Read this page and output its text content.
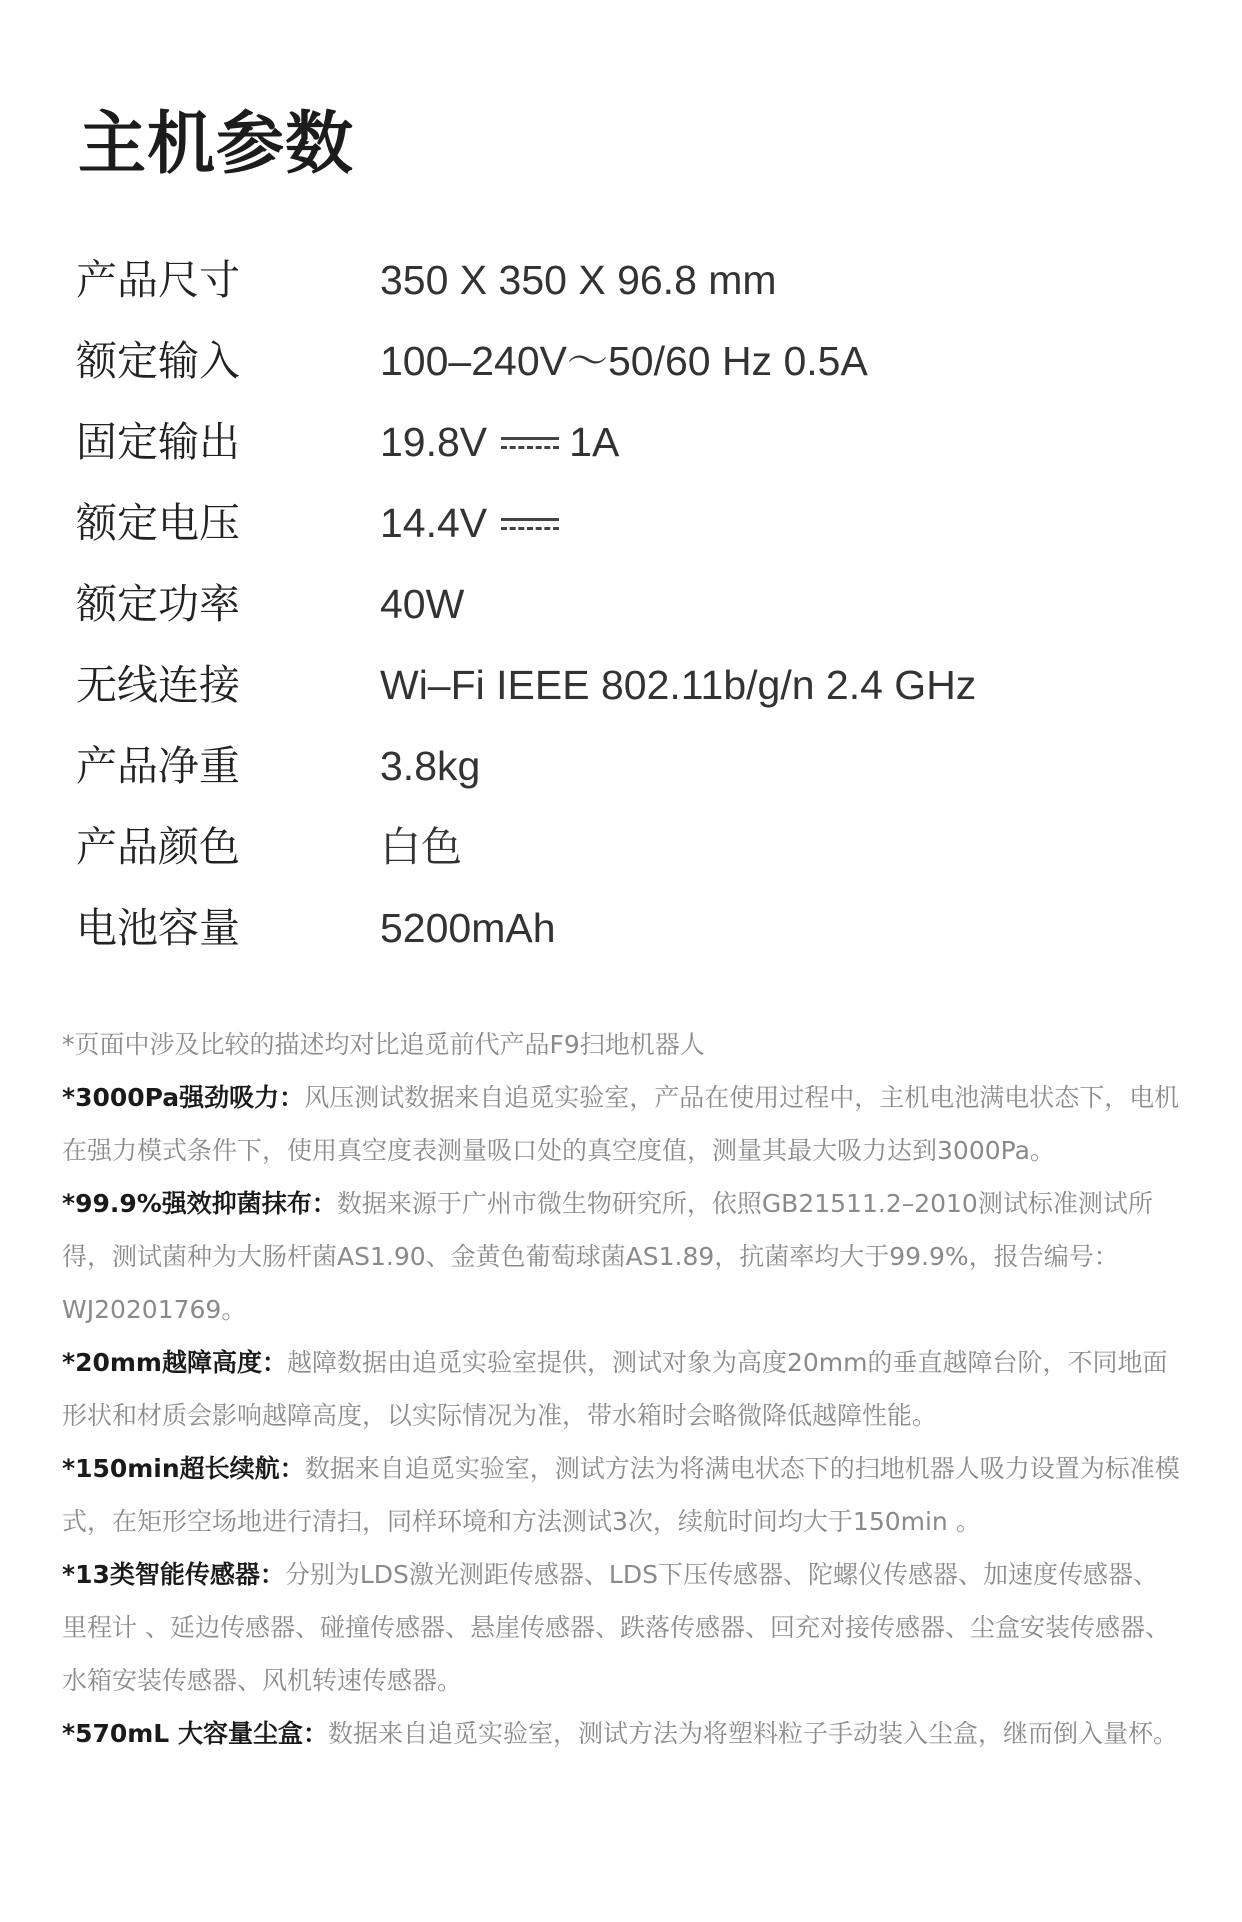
主机参数
产品尺寸	350 X 350 X 96.8 mm
额定输入	100–240V～50/60 Hz 0.5A
固定输出	19.8V 1A
额定电压	14.4V
额定功率	40W
无线连接	Wi–Fi IEEE 802.11b/g/n 2.4 GHz
产品净重	3.8kg
产品颜色	白色
电池容量	5200mAh

*页面中涉及比较的描述均对比追觅前代产品F9扫地机器人

*3000Pa强劲吸力：风压测试数据来自追觅实验室，产品在使用过程中，主机电池满电状态下，电机在强力模式条件下，使用真空度表测量吸口处的真空度值，测量其最大吸力达到3000Pa。

*99.9%强效抑菌抹布：数据来源于广州市微生物研究所，依照GB21511.2–2010测试标准测试所得，测试菌种为大肠杆菌AS1.90、金黄色葡萄球菌AS1.89，抗菌率均大于99.9%，报告编号：WJ20201769。

*20mm越障高度：越障数据由追觅实验室提供，测试对象为高度20mm的垂直越障台阶，不同地面形状和材质会影响越障高度，以实际情况为准，带水箱时会略微降低越障性能。

*150min超长续航：数据来自追觅实验室，测试方法为将满电状态下的扫地机器人吸力设置为标准模式，在矩形空场地进行清扫，同样环境和方法测试3次，续航时间均大于150min 。

*13类智能传感器：分别为LDS激光测距传感器、LDS下压传感器、陀螺仪传感器、加速度传感器、里程计 、延边传感器、碰撞传感器、悬崖传感器、跌落传感器、回充对接传感器、尘盒安装传感器、水箱安装传感器、风机转速传感器。

*570mL 大容量尘盒：数据来自追觅实验室，测试方法为将塑料粒子手动装入尘盒，继而倒入量杯。
